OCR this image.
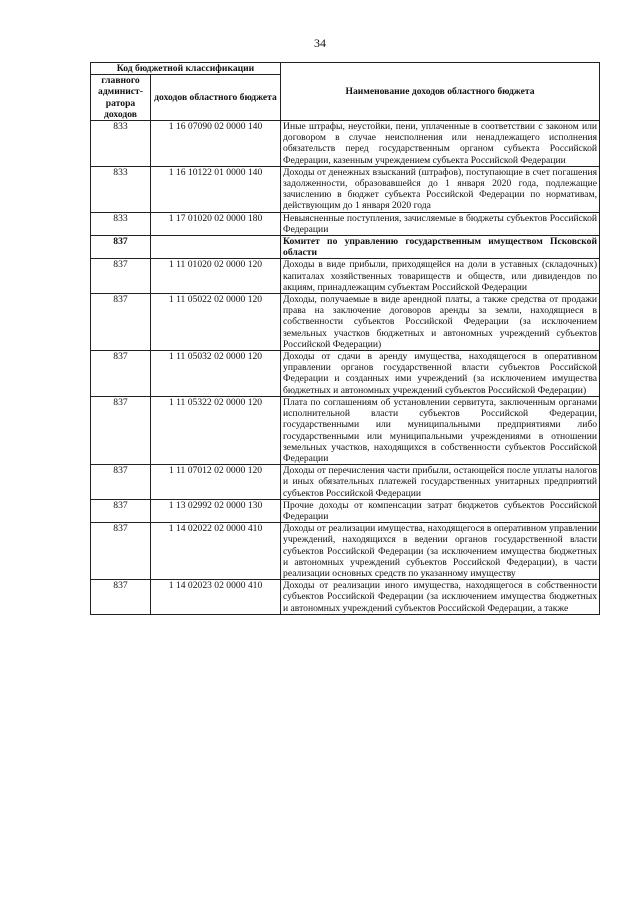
34
Код бюджетной классификации		Наименование доходов областного бюджета
главного админист-ратора доходов	доходов областного бюджета	
833	1 16 07090 02 0000 140	Иные штрафы, неустойки, пени, уплаченные в соответствии с законом или договором в случае неисполнения или ненадлежащего исполнения обязательств перед государственным органом субъекта Российской Федерации, казенным учреждением субъекта Российской Федерации
833	1 16 10122 01 0000 140	Доходы от денежных взысканий (штрафов), поступающие в счет погашения задолженности, образовавшейся до 1 января 2020 года, подлежащие зачислению в бюджет субъекта Российской Федерации по нормативам, действующим до 1 января 2020 года
833	1 17 01020 02 0000 180	Невыясненные поступления, зачисляемые в бюджеты субъектов Российской Федерации
837		Комитет по управлению государственным имуществом Псковской области
837	1 11 01020 02 0000 120	Доходы в виде прибыли, приходящейся на доли в уставных (складочных) капиталах хозяйственных товариществ и обществ, или дивидендов по акциям, принадлежащим субъектам Российской Федерации
837	1 11 05022 02 0000 120	Доходы, получаемые в виде арендной платы, а также средства от продажи права на заключение договоров аренды за земли, находящиеся в собственности субъектов Российской Федерации (за исключением земельных участков бюджетных и автономных учреждений субъектов Российской Федерации)
837	1 11 05032 02 0000 120	Доходы от сдачи в аренду имущества, находящегося в оперативном управлении органов государственной власти субъектов Российской Федерации и созданных ими учреждений (за исключением имущества бюджетных и автономных учреждений субъектов Российской Федерации)
837	1 11 05322 02 0000 120	Плата по соглашениям об установлении сервитута, заключенным органами исполнительной власти субъектов Российской Федерации, государственными или муниципальными предприятиями либо государственными или муниципальными учреждениями в отношении земельных участков, находящихся в собственности субъектов Российской Федерации
837	1 11 07012 02 0000 120	Доходы от перечисления части прибыли, остающейся после уплаты налогов и иных обязательных платежей государственных унитарных предприятий субъектов Российской Федерации
837	1 13 02992 02 0000 130	Прочие доходы от компенсации затрат бюджетов субъектов Российской Федерации
837	1 14 02022 02 0000 410	Доходы от реализации имущества, находящегося в оперативном управлении учреждений, находящихся в ведении органов государственной власти субъектов Российской Федерации (за исключением имущества бюджетных и автономных учреждений субъектов Российской Федерации), в части реализации основных средств по указанному имуществу
837	1 14 02023 02 0000 410	Доходы от реализации иного имущества, находящегося в собственности субъектов Российской Федерации (за исключением имущества бюджетных и автономных учреждений субъектов Российской Федерации, а также
